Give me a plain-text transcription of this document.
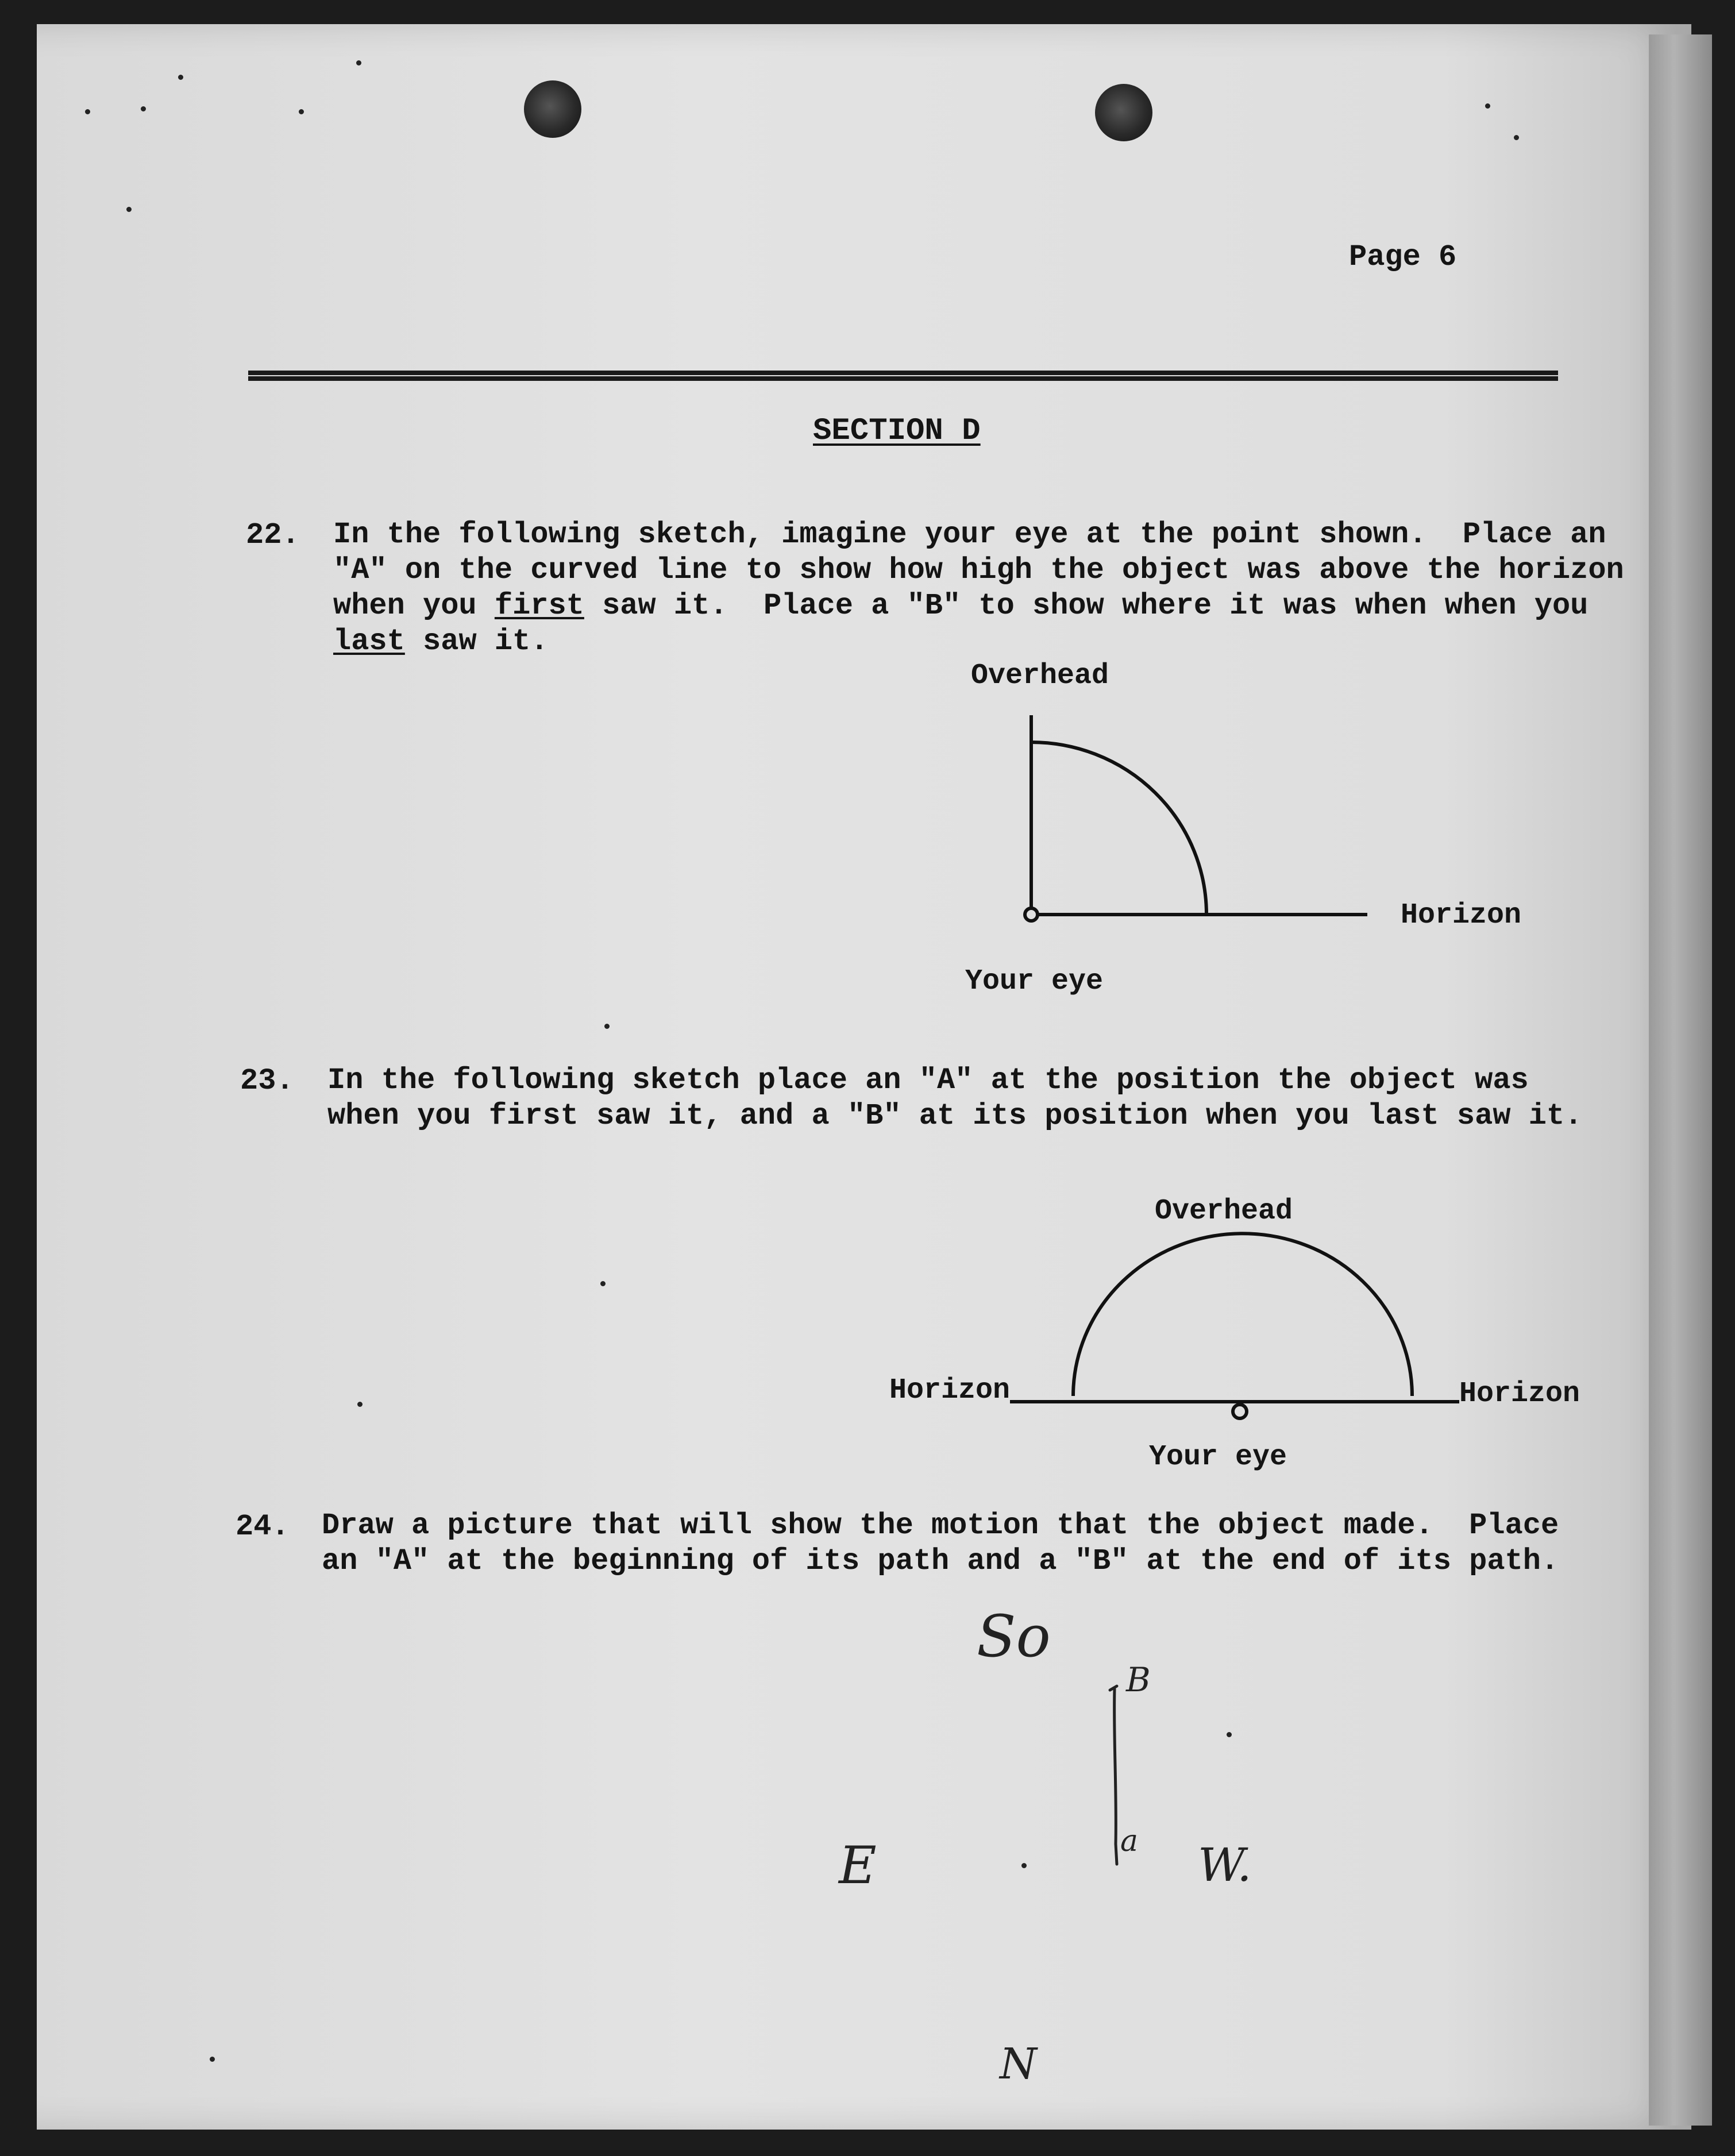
Page 6
SECTION D
22. In the following sketch, imagine your eye at the point shown.  Place an
"A" on the curved line to show how high the object was above the horizon
when you first saw it.  Place a "B" to show where it was when when you
last saw it.
Overhead
Horizon
Your eye
23. In the following sketch place an "A" at the position the object was
when you first saw it, and a "B" at its position when you last saw it.
Overhead
Horizon	Horizon
Your eye
24. Draw a picture that will show the motion that the object made.  Place
an "A" at the beginning of its path and a "B" at the end of its path.
So
B
a
E	W.
N
